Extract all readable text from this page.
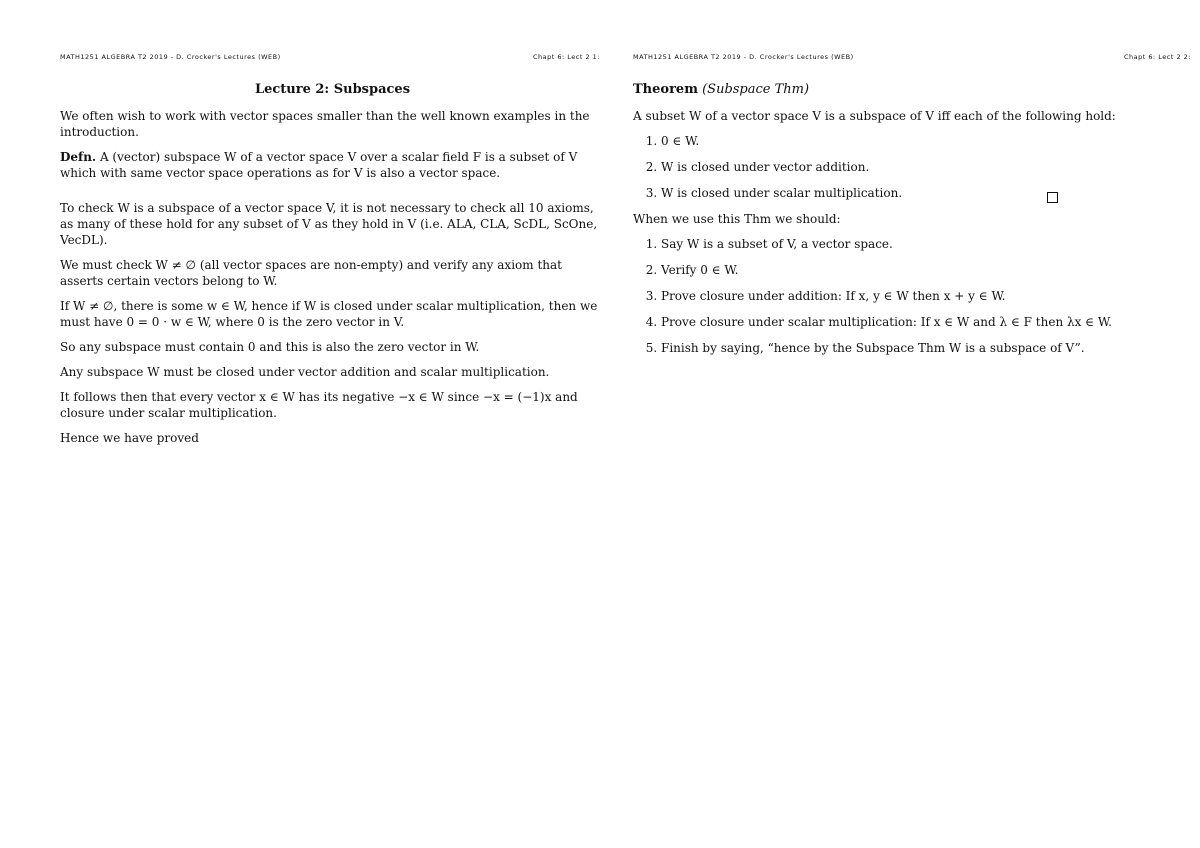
MATH1251 ALGEBRA T2 2019 - D. Crocker's Lectures (WEB)	Chapt 6: Lect 2 1:
Lecture 2: Subspaces

We often wish to work with vector spaces smaller than the well known examples in the introduction.

Defn. A (vector) subspace W of a vector space V over a scalar field F is a subset of V which with same vector space operations as for V is also a vector space.

To check W is a subspace of a vector space V, it is not necessary to check all 10 axioms, as many of these hold for any subset of V as they hold in V (i.e. ALA, CLA, ScDL, ScOne, VecDL).

We must check W ≠ ∅ (all vector spaces are non-empty) and verify any axiom that asserts certain vectors belong to W.

If W ≠ ∅, there is some w ∈ W, hence if W is closed under scalar multiplication, then we must have 0 = 0 · w ∈ W, where 0 is the zero vector in V.

So any subspace must contain 0 and this is also the zero vector in W.

Any subspace W must be closed under vector addition and scalar multiplication.

It follows then that every vector x ∈ W has its negative −x ∈ W since −x = (−1)x and closure under scalar multiplication.

Hence we have proved

MATH1251 ALGEBRA T2 2019 - D. Crocker's Lectures (WEB)	Chapt 6: Lect 2 2:
Theorem (Subspace Thm)

A subset W of a vector space V is a subspace of V iff each of the following hold:

1. 0 ∈ W.
2. W is closed under vector addition.
3. W is closed under scalar multiplication.

When we use this Thm we should:

1. Say W is a subset of V, a vector space.
2. Verify 0 ∈ W.
3. Prove closure under addition: If x, y ∈ W then x + y ∈ W.
4. Prove closure under scalar multiplication: If x ∈ W and λ ∈ F then λx ∈ W.
5. Finish by saying, “hence by the Subspace Thm W is a subspace of V”.
